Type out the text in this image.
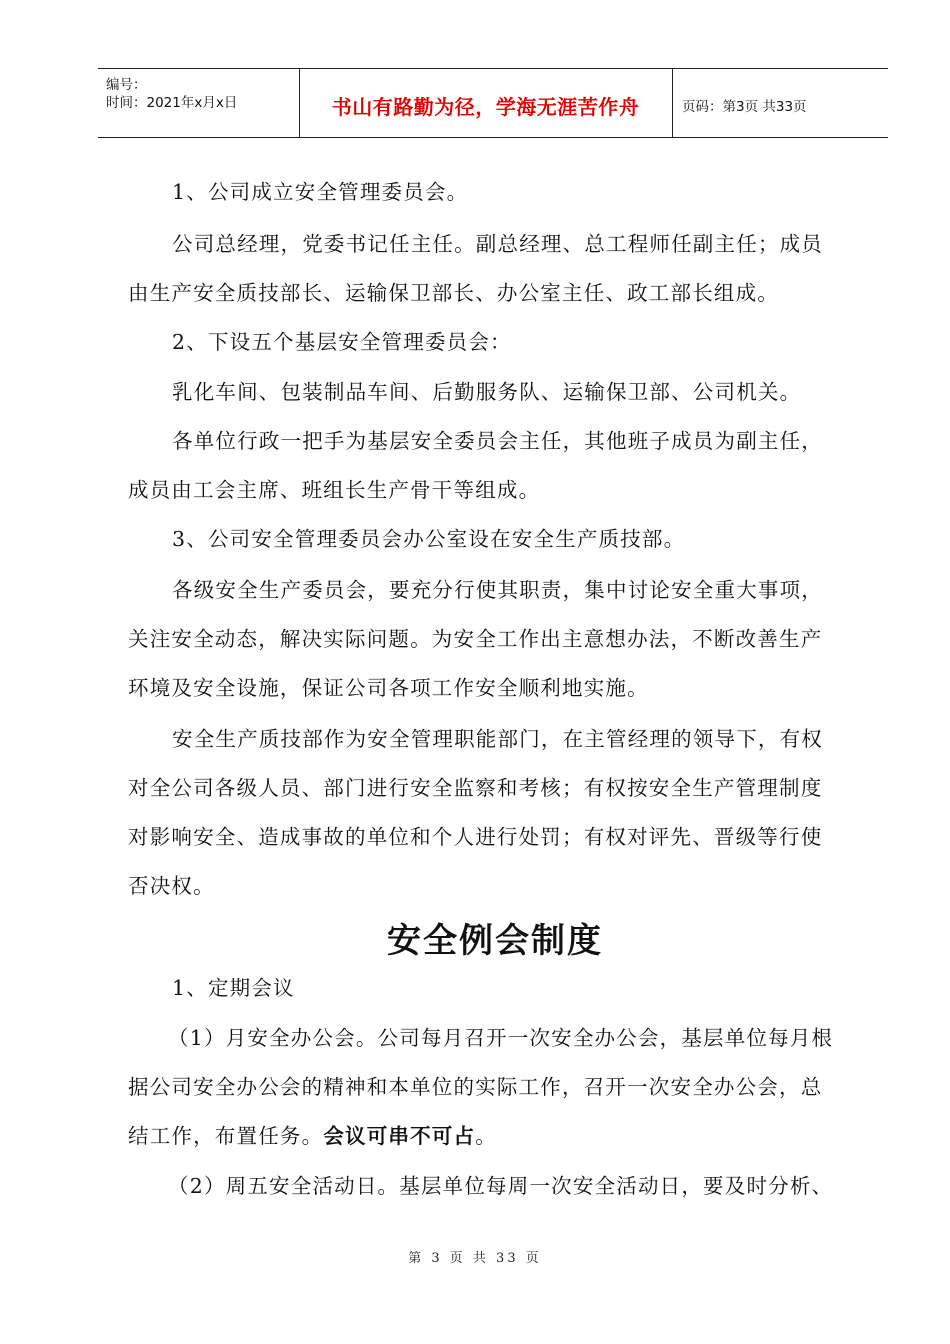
编号：
时间：2021年x月x日	书山有路勤为径，学海无涯苦作舟	页码：第3页 共33页
1、公司成立安全管理委员会。
公司总经理，党委书记任主任。副总经理、总工程师任副主任；成员
由生产安全质技部长、运输保卫部长、办公室主任、政工部长组成。
2、下设五个基层安全管理委员会：
乳化车间、包装制品车间、后勤服务队、运输保卫部、公司机关。
各单位行政一把手为基层安全委员会主任，其他班子成员为副主任，
成员由工会主席、班组长生产骨干等组成。
3、公司安全管理委员会办公室设在安全生产质技部。
各级安全生产委员会，要充分行使其职责，集中讨论安全重大事项，
关注安全动态，解决实际问题。为安全工作出主意想办法，不断改善生产
环境及安全设施，保证公司各项工作安全顺利地实施。
安全生产质技部作为安全管理职能部门，在主管经理的领导下，有权
对全公司各级人员、部门进行安全监察和考核；有权按安全生产管理制度
对影响安全、造成事故的单位和个人进行处罚；有权对评先、晋级等行使
否决权。
安全例会制度
1、定期会议
（1）月安全办公会。公司每月召开一次安全办公会，基层单位每月根
据公司安全办公会的精神和本单位的实际工作，召开一次安全办公会，总
结工作，布置任务。会议可串不可占。
（2）周五安全活动日。基层单位每周一次安全活动日，要及时分析、
第 3 页 共 33 页
